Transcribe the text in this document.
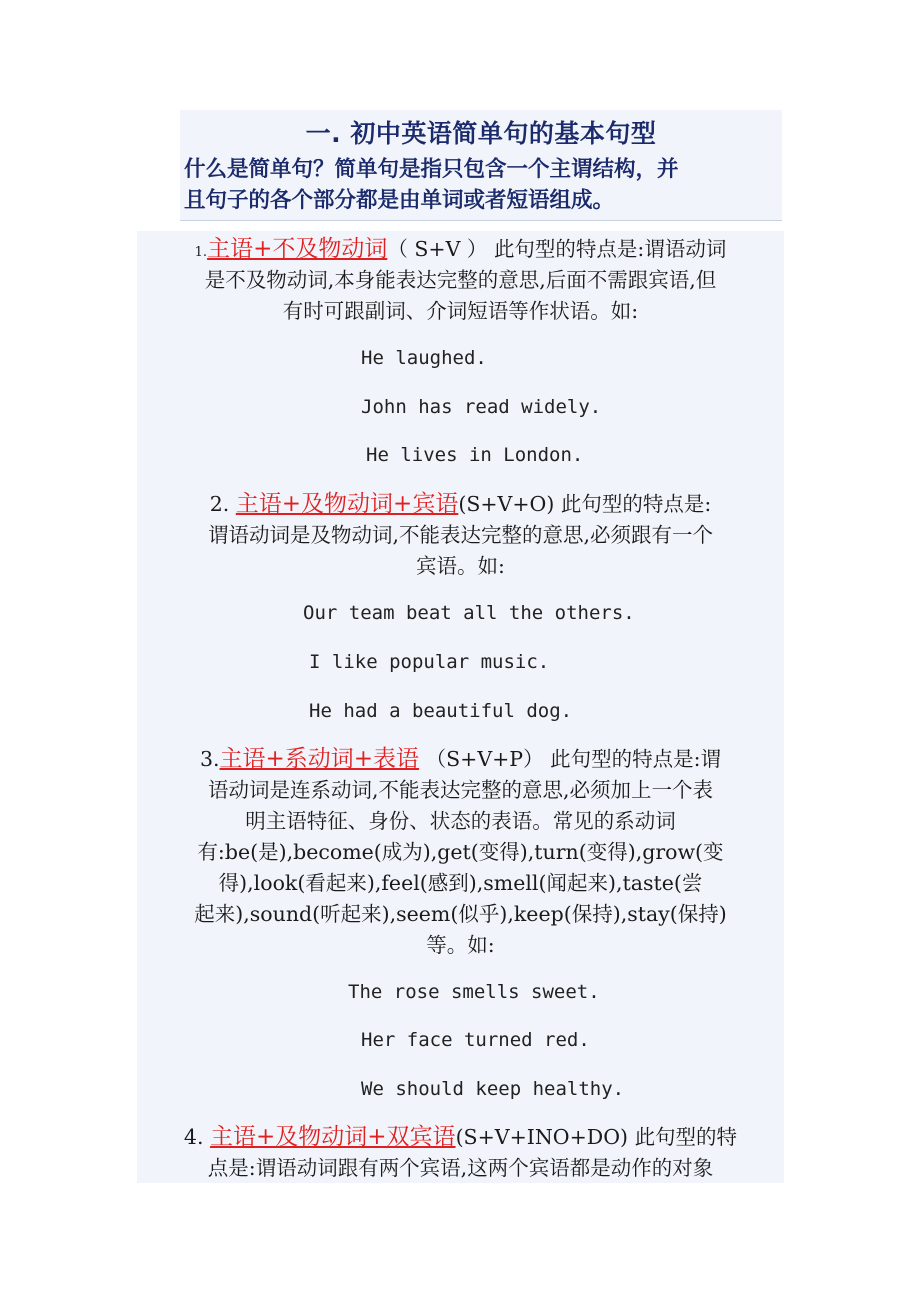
一. 初中英语简单句的基本句型
什么是简单句？简单句是指只包含一个主谓结构，并
且句子的各个部分都是由单词或者短语组成。
1.主语+不及物动词（ S+V ） 此句型的特点是:谓语动词
是不及物动词,本身能表达完整的意思,后面不需跟宾语,但
有时可跟副词、介词短语等作状语。如:
He laughed.
John has read widely.
He lives in London.
2. 主语+及物动词+宾语(S+V+O) 此句型的特点是:
谓语动词是及物动词,不能表达完整的意思,必须跟有一个
宾语。如:
Our team beat all the others.
I like popular music.
He had a beautiful dog.
3.主语+系动词+表语 （S+V+P） 此句型的特点是:谓
语动词是连系动词,不能表达完整的意思,必须加上一个表
明主语特征、身份、状态的表语。常见的系动词
有:be(是),become(成为),get(变得),turn(变得),grow(变
得),look(看起来),feel(感到),smell(闻起来),taste(尝
起来),sound(听起来),seem(似乎),keep(保持),stay(保持)
等。如:
The rose smells sweet.
Her face turned red.
We should keep healthy.
4. 主语+及物动词+双宾语(S+V+INO+DO) 此句型的特
点是:谓语动词跟有两个宾语,这两个宾语都是动作的对象
